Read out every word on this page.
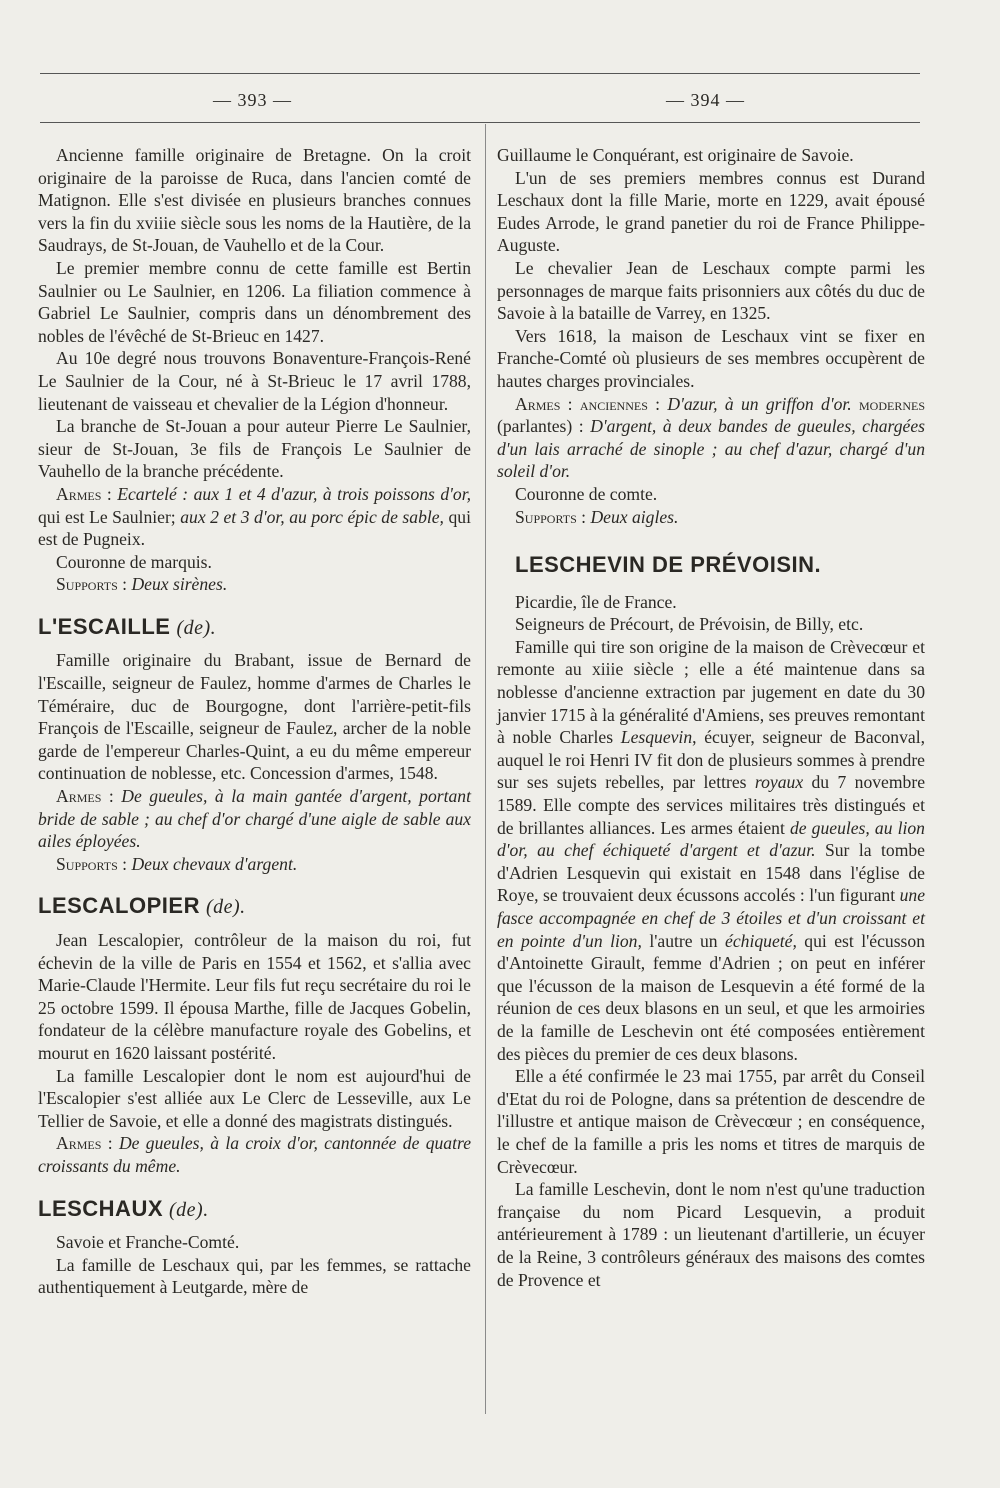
— 393 —	— 394 —

Ancienne famille originaire de Bretagne. On la croit originaire de la paroisse de Ruca, dans l'ancien comté de Matignon. Elle s'est divisée en plusieurs branches connues vers la fin du xviiie siècle sous les noms de la Hautière, de la Saudrays, de St-Jouan, de Vauhello et de la Cour.

Le premier membre connu de cette famille est Bertin Saulnier ou Le Saulnier, en 1206. La filiation commence à Gabriel Le Saulnier, compris dans un dénombrement des nobles de l'évêché de St-Brieuc en 1427.

Au 10e degré nous trouvons Bonaventure-François-René Le Saulnier de la Cour, né à St-Brieuc le 17 avril 1788, lieutenant de vaisseau et chevalier de la Légion d'honneur.

La branche de St-Jouan a pour auteur Pierre Le Saulnier, sieur de St-Jouan, 3e fils de François Le Saulnier de Vauhello de la branche précédente.

Armes : Ecartelé : aux 1 et 4 d'azur, à trois poissons d'or, qui est Le Saulnier; aux 2 et 3 d'or, au porc épic de sable, qui est de Pugneix.

Couronne de marquis.

Supports : Deux sirènes.

L'ESCAILLE (de).

Famille originaire du Brabant, issue de Bernard de l'Escaille, seigneur de Faulez, homme d'armes de Charles le Téméraire, duc de Bourgogne, dont l'arrière-petit-fils François de l'Escaille, seigneur de Faulez, archer de la noble garde de l'empereur Charles-Quint, a eu du même empereur continuation de noblesse, etc. Concession d'armes, 1548.

Armes : De gueules, à la main gantée d'argent, portant bride de sable ; au chef d'or chargé d'une aigle de sable aux ailes éployées.

Supports : Deux chevaux d'argent.

LESCALOPIER (de).

Jean Lescalopier, contrôleur de la maison du roi, fut échevin de la ville de Paris en 1554 et 1562, et s'allia avec Marie-Claude l'Hermite. Leur fils fut reçu secrétaire du roi le 25 octobre 1599. Il épousa Marthe, fille de Jacques Gobelin, fondateur de la célèbre manufacture royale des Gobelins, et mourut en 1620 laissant postérité.

La famille Lescalopier dont le nom est aujourd'hui de l'Escalopier s'est alliée aux Le Clerc de Lesseville, aux Le Tellier de Savoie, et elle a donné des magistrats distingués.

Armes : De gueules, à la croix d'or, cantonnée de quatre croissants du même.

LESCHAUX (de).

Savoie et Franche-Comté.

La famille de Leschaux qui, par les femmes, se rattache authentiquement à Leutgarde, mère de

Guillaume le Conquérant, est originaire de Savoie.

L'un de ses premiers membres connus est Durand Leschaux dont la fille Marie, morte en 1229, avait épousé Eudes Arrode, le grand panetier du roi de France Philippe-Auguste.

Le chevalier Jean de Leschaux compte parmi les personnages de marque faits prisonniers aux côtés du duc de Savoie à la bataille de Varrey, en 1325.

Vers 1618, la maison de Leschaux vint se fixer en Franche-Comté où plusieurs de ses membres occupèrent de hautes charges provinciales.

Armes : anciennes : D'azur, à un griffon d'or. modernes (parlantes) : D'argent, à deux bandes de gueules, chargées d'un lais arraché de sinople ; au chef d'azur, chargé d'un soleil d'or.

Couronne de comte.

Supports : Deux aigles.

LESCHEVIN DE PRÉVOISIN.

Picardie, île de France.

Seigneurs de Précourt, de Prévoisin, de Billy, etc.

Famille qui tire son origine de la maison de Crèvecœur et remonte au xiiie siècle ; elle a été maintenue dans sa noblesse d'ancienne extraction par jugement en date du 30 janvier 1715 à la généralité d'Amiens, ses preuves remontant à noble Charles Lesquevin, écuyer, seigneur de Baconval, auquel le roi Henri IV fit don de plusieurs sommes à prendre sur ses sujets rebelles, par lettres royaux du 7 novembre 1589. Elle compte des services militaires très distingués et de brillantes alliances. Les armes étaient de gueules, au lion d'or, au chef échiqueté d'argent et d'azur. Sur la tombe d'Adrien Lesquevin qui existait en 1548 dans l'église de Roye, se trouvaient deux écussons accolés : l'un figurant une fasce accompagnée en chef de 3 étoiles et d'un croissant et en pointe d'un lion, l'autre un échiqueté, qui est l'écusson d'Antoinette Girault, femme d'Adrien ; on peut en inférer que l'écusson de la maison de Lesquevin a été formé de la réunion de ces deux blasons en un seul, et que les armoiries de la famille de Leschevin ont été composées entièrement des pièces du premier de ces deux blasons.

Elle a été confirmée le 23 mai 1755, par arrêt du Conseil d'Etat du roi de Pologne, dans sa prétention de descendre de l'illustre et antique maison de Crèvecœur ; en conséquence, le chef de la famille a pris les noms et titres de marquis de Crèvecœur.

La famille Leschevin, dont le nom n'est qu'une traduction française du nom Picard Lesquevin, a produit antérieurement à 1789 : un lieutenant d'artillerie, un écuyer de la Reine, 3 contrôleurs généraux des maisons des comtes de Provence et
